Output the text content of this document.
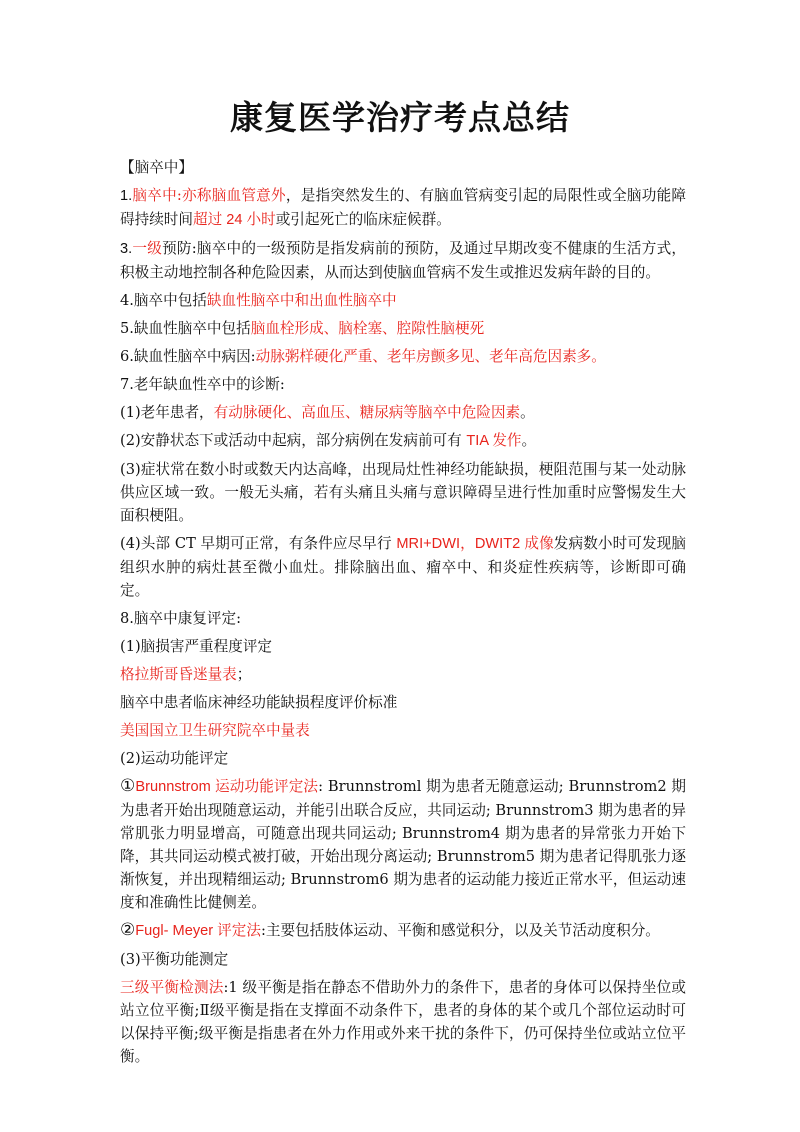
康复医学治疗考点总结

【脑卒中】

1.脑卒中:亦称脑血管意外，是指突然发生的、有脑血管病变引起的局限性或全脑功能障碍持续时间超过 24 小时或引起死亡的临床症候群。

3.一级预防:脑卒中的一级预防是指发病前的预防，及通过早期改变不健康的生活方式，积极主动地控制各种危险因素，从而达到使脑血管病不发生或推迟发病年龄的目的。

4.脑卒中包括缺血性脑卒中和出血性脑卒中

5.缺血性脑卒中包括脑血栓形成、脑栓塞、腔隙性脑梗死

6.缺血性脑卒中病因:动脉粥样硬化严重、老年房颤多见、老年高危因素多。

7.老年缺血性卒中的诊断:

(1)老年患者，有动脉硬化、高血压、糖尿病等脑卒中危险因素。

(2)安静状态下或活动中起病，部分病例在发病前可有 TIA 发作。

(3)症状常在数小时或数天内达高峰，出现局灶性神经功能缺损，梗阻范围与某一处动脉供应区域一致。一般无头痛，若有头痛且头痛与意识障碍呈进行性加重时应警惕发生大面积梗阻。

(4)头部 CT 早期可正常，有条件应尽早行 MRI+DWI，DWIT2 成像发病数小时可发现脑组织水肿的病灶甚至微小血灶。排除脑出血、瘤卒中、和炎症性疾病等，诊断即可确定。

8.脑卒中康复评定:

(1)脑损害严重程度评定

格拉斯哥昏迷量表；

脑卒中患者临床神经功能缺损程度评价标准

美国国立卫生研究院卒中量表

(2)运动功能评定

①Brunnstrom 运动功能评定法: Brunnstroml 期为患者无随意运动; Brunnstrom2 期为患者开始出现随意运动，并能引出联合反应，共同运动; Brunnstrom3 期为患者的异常肌张力明显增高，可随意出现共同运动; Brunnstrom4 期为患者的异常张力开始下降，其共同运动模式被打破，开始出现分离运动; Brunnstrom5 期为患者记得肌张力逐渐恢复，并出现精细运动; Brunnstrom6 期为患者的运动能力接近正常水平，但运动速度和准确性比健侧差。

②Fugl- Meyer 评定法:主要包括肢体运动、平衡和感觉积分，以及关节活动度积分。

(3)平衡功能测定

三级平衡检测法:1 级平衡是指在静态不借助外力的条件下，患者的身体可以保持坐位或站立位平衡;Ⅱ级平衡是指在支撑面不动条件下，患者的身体的某个或几个部位运动时可以保持平衡;级平衡是指患者在外力作用或外来干扰的条件下，仍可保持坐位或站立位平衡。
